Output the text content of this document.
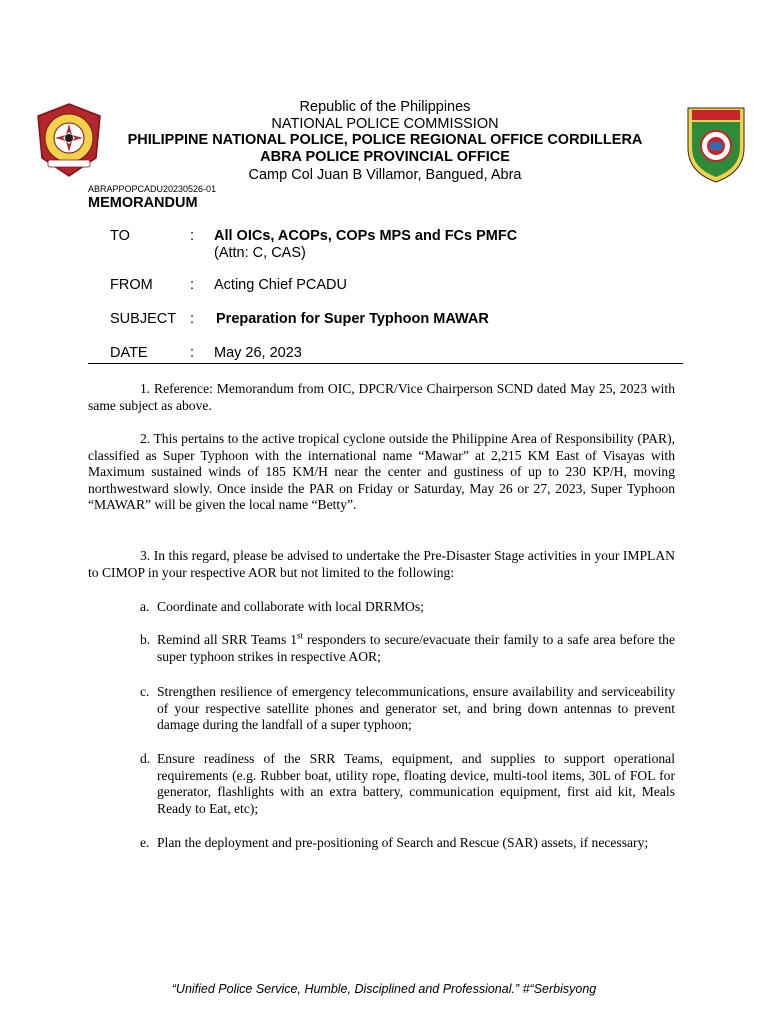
Republic of the Philippines
NATIONAL POLICE COMMISSION
PHILIPPINE NATIONAL POLICE, POLICE REGIONAL OFFICE CORDILLERA
ABRA POLICE PROVINCIAL OFFICE
Camp Col Juan B Villamor, Bangued, Abra
ABRAPPOPCADU20230526-01
MEMORANDUM
TO	: All OICs, ACOPs, COPs MPS and FCs PMFC
(Attn: C, CAS)
FROM	: Acting Chief PCADU
SUBJECT : Preparation for Super Typhoon MAWAR
DATE	: May 26, 2023
1. Reference: Memorandum from OIC, DPCR/Vice Chairperson SCND dated May 25, 2023 with same subject as above.
2. This pertains to the active tropical cyclone outside the Philippine Area of Responsibility (PAR), classified as Super Typhoon with the international name “Mawar” at 2,215 KM East of Visayas with Maximum sustained winds of 185 KM/H near the center and gustiness of up to 230 KP/H, moving northwestward slowly. Once inside the PAR on Friday or Saturday, May 26 or 27, 2023, Super Typhoon “MAWAR” will be given the local name “Betty”.
3. In this regard, please be advised to undertake the Pre-Disaster Stage activities in your IMPLAN to CIMOP in your respective AOR but not limited to the following:
a. Coordinate and collaborate with local DRRMOs;
b. Remind all SRR Teams 1st responders to secure/evacuate their family to a safe area before the super typhoon strikes in respective AOR;
c. Strengthen resilience of emergency telecommunications, ensure availability and serviceability of your respective satellite phones and generator set, and bring down antennas to prevent damage during the landfall of a super typhoon;
d. Ensure readiness of the SRR Teams, equipment, and supplies to support operational requirements (e.g. Rubber boat, utility rope, floating device, multi-tool items, 30L of FOL for generator, flashlights with an extra battery, communication equipment, first aid kit, Meals Ready to Eat, etc);
e. Plan the deployment and pre-positioning of Search and Rescue (SAR) assets, if necessary;
“Unified Police Service, Humble, Disciplined and Professional.” #“Serbisyong
